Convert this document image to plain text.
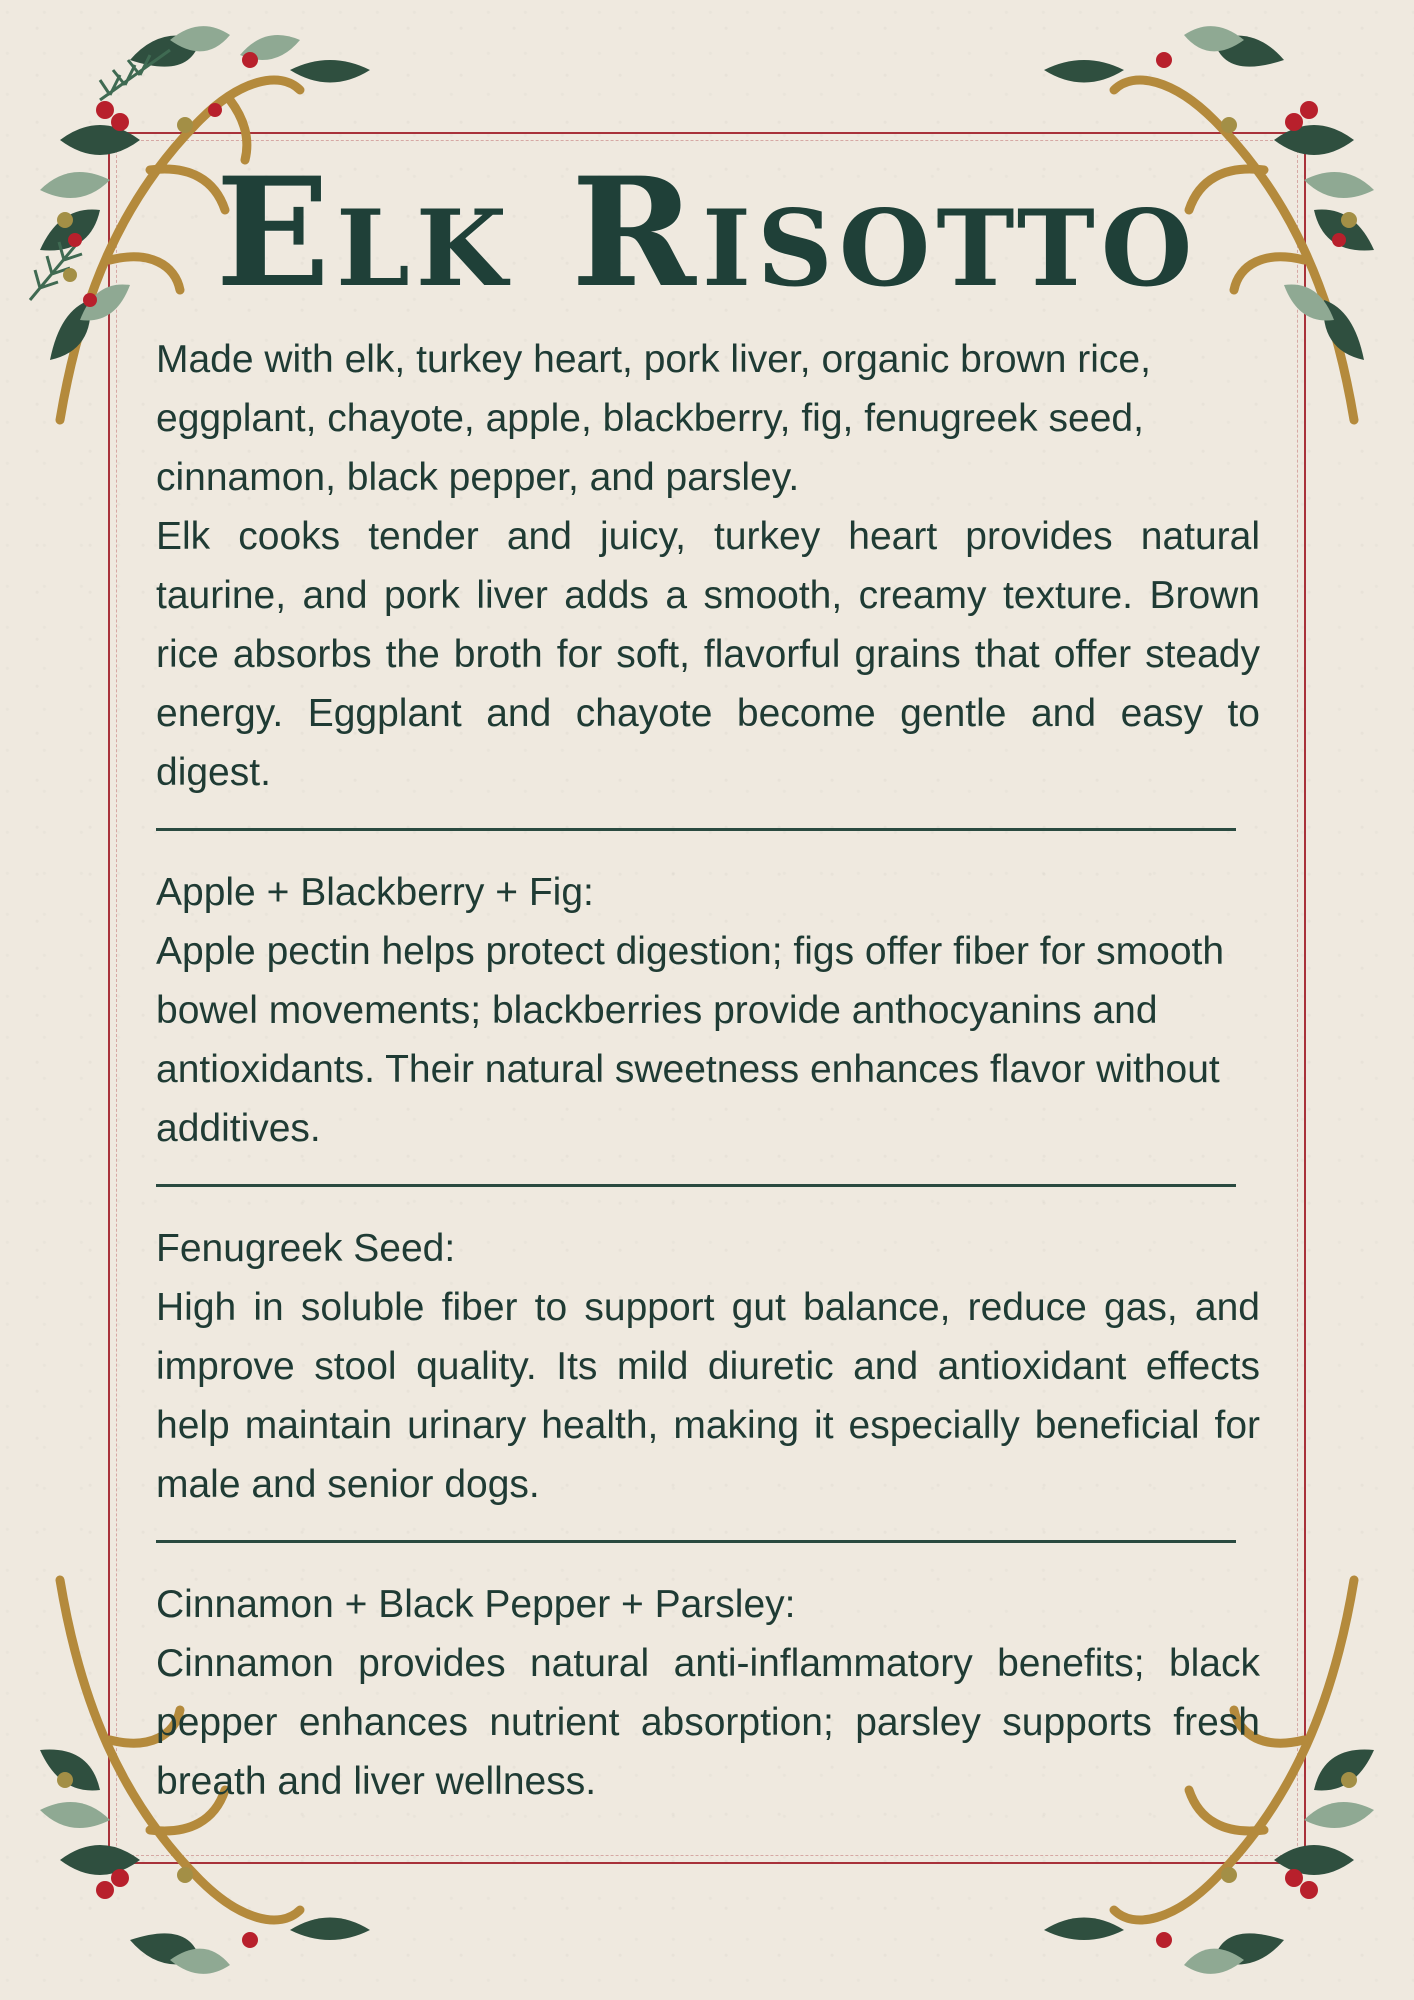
Elk Risotto

Made with elk, turkey heart, pork liver, organic brown rice, eggplant, chayote, apple, blackberry, fig, fenugreek seed, cinnamon, black pepper, and parsley.

Elk cooks tender and juicy, turkey heart provides natural taurine, and pork liver adds a smooth, creamy texture. Brown rice absorbs the broth for soft, flavorful grains that offer steady energy. Eggplant and chayote become gentle and easy to digest.

Apple + Blackberry + Fig:

Apple pectin helps protect digestion; figs offer fiber for smooth bowel movements; blackberries provide anthocyanins and antioxidants. Their natural sweetness enhances flavor without additives.

Fenugreek Seed:

High in soluble fiber to support gut balance, reduce gas, and improve stool quality. Its mild diuretic and antioxidant effects help maintain urinary health, making it especially beneficial for male and senior dogs.

Cinnamon + Black Pepper + Parsley:

Cinnamon provides natural anti-inflammatory benefits; black pepper enhances nutrient absorption; parsley supports fresh breath and liver wellness.
